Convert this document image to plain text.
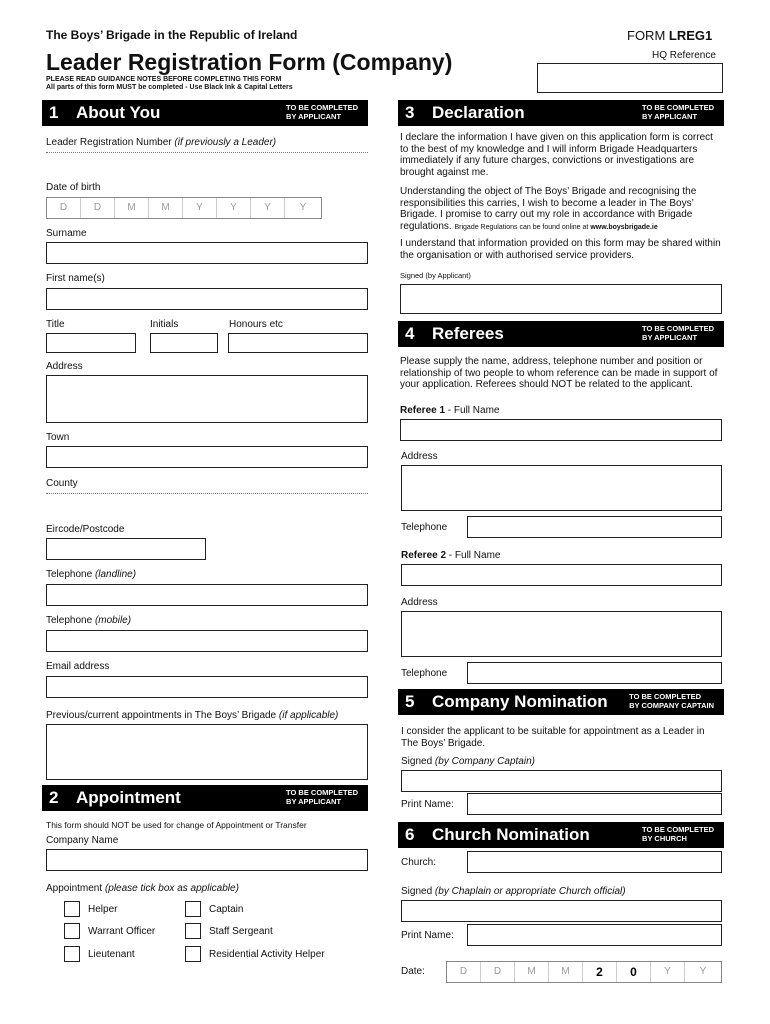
The Boys’ Brigade in the Republic of Ireland	FORM LREG1
HQ Reference
Leader Registration Form (Company)
PLEASE READ GUIDANCE NOTES BEFORE COMPLETING THIS FORM
All parts of this form MUST be completed - Use Black Ink & Capital Letters
1 About You	TO BE COMPLETED
BY APPLICANT
Leader Registration Number (if previously a Leader)
Date of birth
D	D	M	M	Y	Y	Y	Y
Surname
First name(s)
Title	Initials	Honours etc
Address
Town
County
Eircode/Postcode
Telephone (landline)
Telephone (mobile)
Email address
Previous/current appointments in The Boys’ Brigade (if applicable)
2 Appointment	TO BE COMPLETED
BY APPLICANT
This form should NOT be used for change of Appointment or Transfer
Company Name
Appointment (please tick box as applicable)
Helper	Captain
Warrant Officer	Staff Sergeant
Lieutenant	Residential Activity Helper
3 Declaration	TO BE COMPLETED
BY APPLICANT
I declare the information I have given on this application form is correct to the best of my knowledge and I will inform Brigade Headquarters immediately if any future charges, convictions or investigations are brought against me.
Understanding the object of The Boys’ Brigade and recognising the responsibilities this carries, I wish to become a leader in The Boys’ Brigade. I promise to carry out my role in accordance with Brigade regulations. Brigade Regulations can be found online at www.boysbrigade.ie
I understand that information provided on this form may be shared within the organisation or with authorised service providers.
Signed (by Applicant)
4 Referees	TO BE COMPLETED
BY APPLICANT
Please supply the name, address, telephone number and position or relationship of two people to whom reference can be made in support of your application. Referees should NOT be related to the applicant.
Referee 1 - Full Name
Address
Telephone
Referee 2 - Full Name
Address
Telephone
5 Company Nomination	TO BE COMPLETED
BY COMPANY CAPTAIN
I consider the applicant to be suitable for appointment as a Leader in The Boys’ Brigade.
Signed (by Company Captain)
Print Name:
6 Church Nomination	TO BE COMPLETED
BY CHURCH
Church:
Signed (by Chaplain or appropriate Church official)
Print Name:
Date:	D	D	M	M	2	0	Y	Y
